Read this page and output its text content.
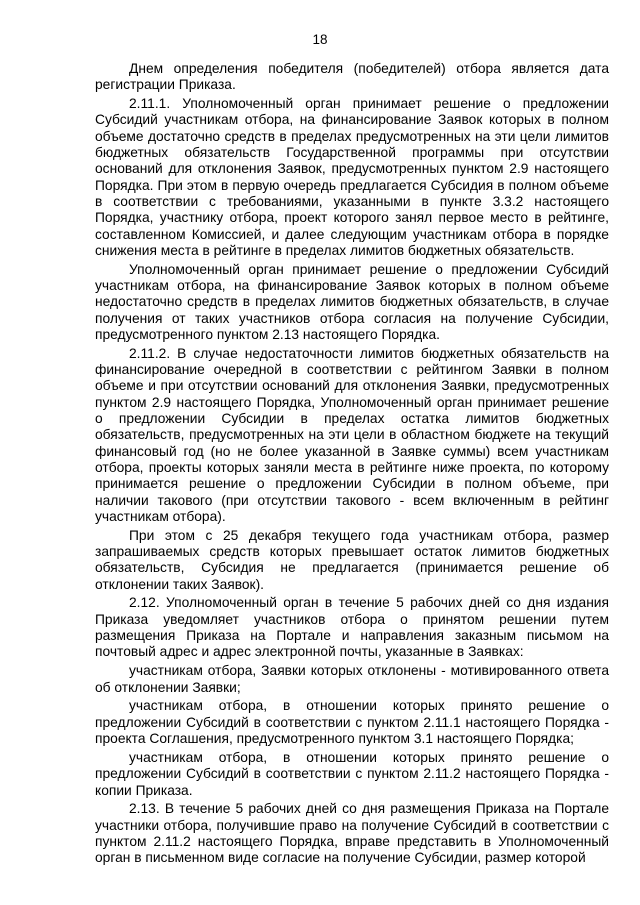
18

Днем определения победителя (победителей) отбора является дата регистрации Приказа.

2.11.1. Уполномоченный орган принимает решение о предложении Субсидий участникам отбора, на финансирование Заявок которых в полном объеме достаточно средств в пределах предусмотренных на эти цели лимитов бюджетных обязательств Государственной программы при отсутствии оснований для отклонения Заявок, предусмотренных пунктом 2.9 настоящего Порядка. При этом в первую очередь предлагается Субсидия в полном объеме в соответствии с требованиями, указанными в пункте 3.3.2 настоящего Порядка, участнику отбора, проект которого занял первое место в рейтинге, составленном Комиссией, и далее следующим участникам отбора в порядке снижения места в рейтинге в пределах лимитов бюджетных обязательств.

Уполномоченный орган принимает решение о предложении Субсидий участникам отбора, на финансирование Заявок которых в полном объеме недостаточно средств в пределах лимитов бюджетных обязательств, в случае получения от таких участников отбора согласия на получение Субсидии, предусмотренного пунктом 2.13 настоящего Порядка.

2.11.2. В случае недостаточности лимитов бюджетных обязательств на финансирование очередной в соответствии с рейтингом Заявки в полном объеме и при отсутствии оснований для отклонения Заявки, предусмотренных пунктом 2.9 настоящего Порядка, Уполномоченный орган принимает решение о предложении Субсидии в пределах остатка лимитов бюджетных обязательств, предусмотренных на эти цели в областном бюджете на текущий финансовый год (но не более указанной в Заявке суммы) всем участникам отбора, проекты которых заняли места в рейтинге ниже проекта, по которому принимается решение о предложении Субсидии в полном объеме, при наличии такового (при отсутствии такового - всем включенным в рейтинг участникам отбора).

При этом с 25 декабря текущего года участникам отбора, размер запрашиваемых средств которых превышает остаток лимитов бюджетных обязательств, Субсидия не предлагается (принимается решение об отклонении таких Заявок).

2.12. Уполномоченный орган в течение 5 рабочих дней со дня издания Приказа уведомляет участников отбора о принятом решении путем размещения Приказа на Портале и направления заказным письмом на почтовый адрес и адрес электронной почты, указанные в Заявках:

участникам отбора, Заявки которых отклонены - мотивированного ответа об отклонении Заявки;

участникам отбора, в отношении которых принято решение о предложении Субсидий в соответствии с пунктом 2.11.1 настоящего Порядка - проекта Соглашения, предусмотренного пунктом 3.1 настоящего Порядка;

участникам отбора, в отношении которых принято решение о предложении Субсидий в соответствии с пунктом 2.11.2 настоящего Порядка - копии Приказа.

2.13. В течение 5 рабочих дней со дня размещения Приказа на Портале участники отбора, получившие право на получение Субсидий в соответствии с пунктом 2.11.2 настоящего Порядка, вправе представить в Уполномоченный орган в письменном виде согласие на получение Субсидии, размер которой
